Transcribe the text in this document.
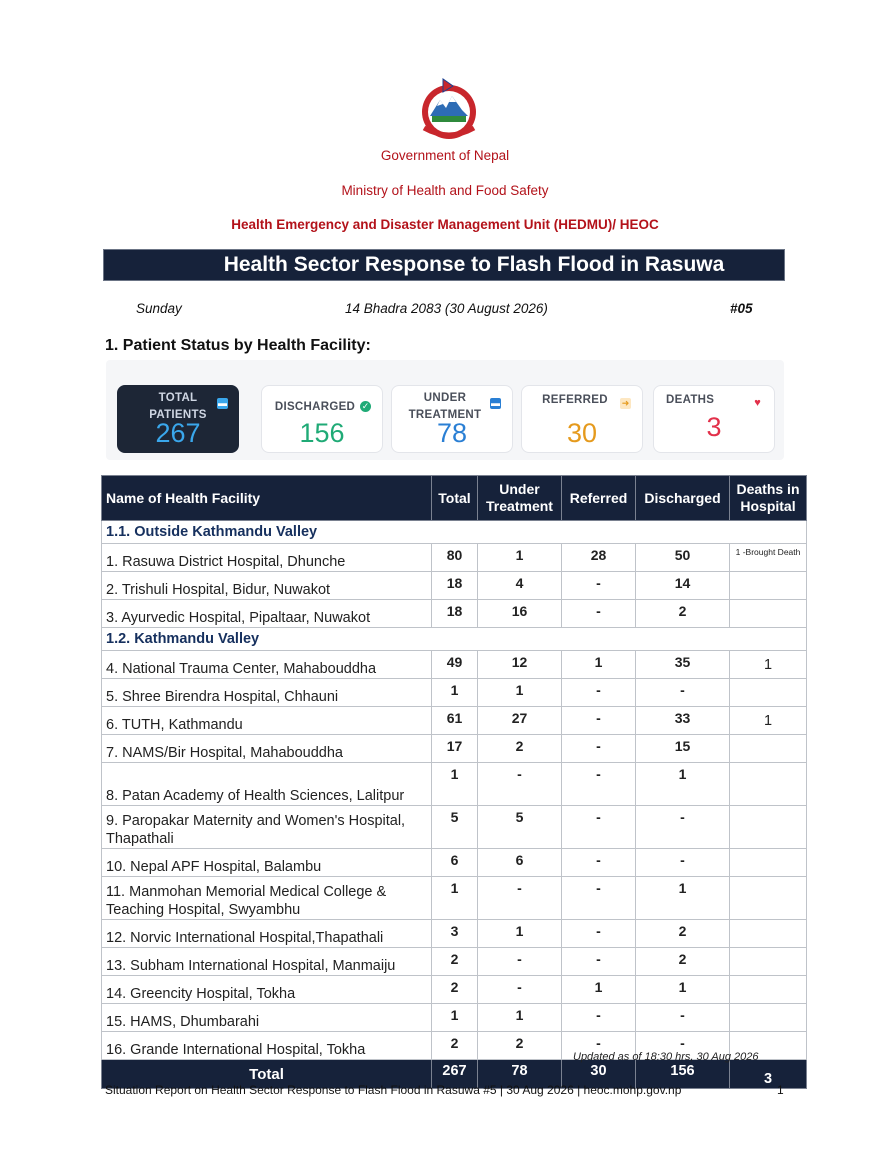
Government of Nepal
Ministry of Health and Food Safety
Health Emergency and Disaster Management Unit (HEDMU)/ HEOC
Health Sector Response to Flash Flood in Rasuwa
Sunday	14 Bhadra 2083 (30 August 2026)	#05
1. Patient Status by Health Facility:
TOTAL
PATIENTS
▬
267
DISCHARGED ✓
156
UNDER
TREATMENT
▬
78
REFERRED	➜
30
DEATHS	♥
3
Name of Health Facility	Total	Under Treatment	Referred	Discharged	Deaths in Hospital
1.1. Outside Kathmandu Valley					
1. Rasuwa District Hospital, Dhunche	80	1	28	50	1 -Brought Death
2. Trishuli Hospital, Bidur, Nuwakot	18	4	-	14	
3. Ayurvedic Hospital, Pipaltaar, Nuwakot	18	16	-	2	
1.2. Kathmandu Valley					
4. National Trauma Center, Mahabouddha	49	12	1	35	1
5. Shree Birendra Hospital, Chhauni	1	1	-	-	
6. TUTH, Kathmandu	61	27	-	33	1
7. NAMS/Bir Hospital, Mahabouddha	17	2	-	15	
8. Patan Academy of Health Sciences, Lalitpur	1	-	-	1	
9. Paropakar Maternity and Women's Hospital, Thapathali	5	5	-	-	
10. Nepal APF Hospital, Balambu	6	6	-	-	
11. Manmohan Memorial Medical College & Teaching Hospital, Swyambhu	1	-	-	1	
12. Norvic International Hospital,Thapathali	3	1	-	2	
13. Subham International Hospital, Manmaiju	2	-	-	2	
14. Greencity Hospital, Tokha	2	-	1	1	
15. HAMS, Dhumbarahi	1	1	-	-	
16. Grande International Hospital, Tokha	2	2	-	-	
Total	267	78	30	156	3
Updated as of 18:30 hrs, 30 Aug 2026
Situation Report on Health Sector Response to Flash Flood in Rasuwa #5 | 30 Aug 2026 | heoc.mohp.gov.np	1
